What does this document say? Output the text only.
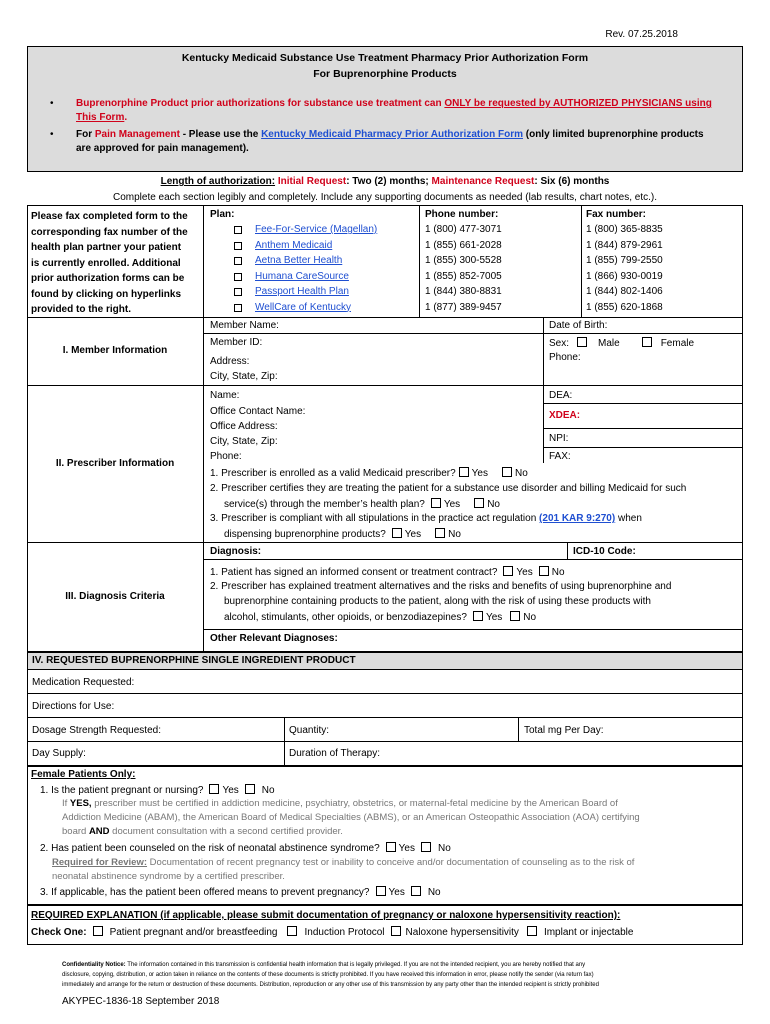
Rev. 07.25.2018
Kentucky Medicaid Substance Use Treatment Pharmacy Prior Authorization Form
For Buprenorphine Products
• Buprenorphine Product prior authorizations for substance use treatment can ONLY be requested by AUTHORIZED PHYSICIANS using
This Form.
• For Pain Management - Please use the Kentucky Medicaid Pharmacy Prior Authorization Form (only limited buprenorphine products
are approved for pain management).
Length of authorization: Initial Request: Two (2) months; Maintenance Request: Six (6) months
Complete each section legibly and completely. Include any supporting documents as needed (lab results, chart notes, etc.).
Please fax completed form to the
corresponding fax number of the
health plan partner your patient
is currently enrolled. Additional
prior authorization forms can be
found by clicking on hyperlinks
provided to the right.
Plan:	Phone number:	Fax number:
Fee-For-Service (Magellan)	1 (800) 477-3071	1 (800) 365-8835
Anthem Medicaid	1 (855) 661-2028	1 (844) 879-2961
Aetna Better Health	1 (855) 300-5528	1 (855) 799-2550
Humana CareSource	1 (855) 852-7005	1 (866) 930-0019
Passport Health Plan	1 (844) 380-8831	1 (844) 802-1406
WellCare of Kentucky	1 (877) 389-9457	1 (855) 620-1868
Member Name:	Date of Birth:
Member ID:	Sex:	Male	Female
I. Member Information
Address:	Phone:
City, State, Zip:
Name:	DEA:
Office Contact Name:	XDEA:
Office Address:
City, State, Zip:	NPI:
Phone:	FAX:
II. Prescriber Information
1. Prescriber is enrolled as a valid Medicaid prescriber? Yes	No
2. Prescriber certifies they are treating the patient for a substance use disorder and billing Medicaid for such
service(s) through the member’s health plan? Yes	No
3. Prescriber is compliant with all stipulations in the practice act regulation (201 KAR 9:270) when
dispensing buprenorphine products? Yes	No
Diagnosis:	ICD-10 Code:
1. Patient has signed an informed consent or treatment contract? Yes No
2. Prescriber has explained treatment alternatives and the risks and benefits of using buprenorphine and
buprenorphine containing products to the patient, along with the risk of using these products with
III. Diagnosis Criteria
alcohol, stimulants, other opioids, or benzodiazepines? Yes No
Other Relevant Diagnoses:
IV. REQUESTED BUPRENORPHINE SINGLE INGREDIENT PRODUCT
Medication Requested:
Directions for Use:
Dosage Strength Requested:	Quantity:	Total mg Per Day:
Day Supply:	Duration of Therapy:
Female Patients Only:
1. Is the patient pregnant or nursing? Yes No
If YES, prescriber must be certified in addiction medicine, psychiatry, obstetrics, or maternal-fetal medicine by the American Board of
Addiction Medicine (ABAM), the American Board of Medical Specialties (ABMS), or an American Osteopathic Association (AOA) certifying
board AND document consultation with a second certified provider.
2. Has patient been counseled on the risk of neonatal abstinence syndrome? Yes No
Required for Review: Documentation of recent pregnancy test or inability to conceive and/or documentation of counseling as to the risk of
neonatal abstinence syndrome by a certified prescriber.
3. If applicable, has the patient been offered means to prevent pregnancy? Yes No
REQUIRED EXPLANATION (if applicable, please submit documentation of pregnancy or naloxone hypersensitivity reaction):
Check One: Patient pregnant and/or breastfeeding	Induction Protocol Naloxone hypersensitivity	Implant or injectable
Confidentiality Notice: The information contained in this transmission is confidential health information that is legally privileged. If you are not the intended recipient, you are hereby notified that any
disclosure, copying, distribution, or action taken in reliance on the contents of these documents is strictly prohibited. If you have received this information in error, please notify the sender (via return fax)
immediately and arrange for the return or destruction of these documents. Distribution, reproduction or any other use of this transmission by any party other than the intended recipient is strictly prohibited
AKYPEC-1836-18 September 2018
